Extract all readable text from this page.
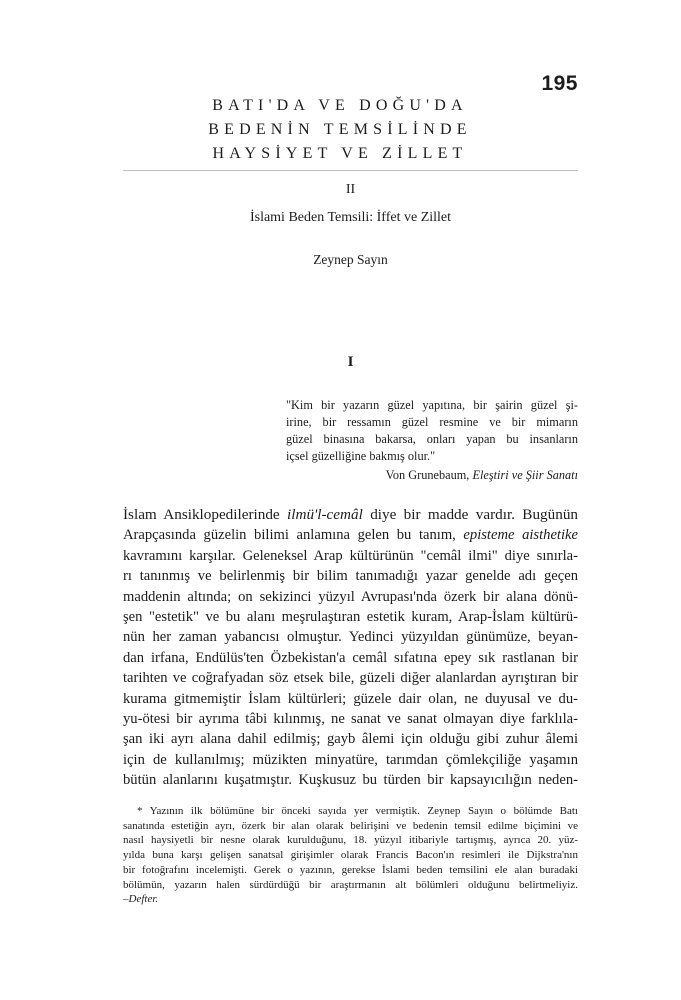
195
BATI'DA VE DOĞU'DA
BEDENİN TEMSİLİNDE
HAYSİYET VE ZİLLET
II
İslami Beden Temsili: İffet ve Zillet
Zeynep Sayın
I
"Kim bir yazarın güzel yapıtına, bir şairin güzel şi-
irine, bir ressamın güzel resmine ve bir mimarın
güzel binasına bakarsa, onları yapan bu insanların
içsel güzelliğine bakmış olur."
Von Grunebaum, Eleştiri ve Şiir Sanatı
İslam Ansiklopedilerinde ilmü'l-cemâl diye bir madde vardır. Bugünün
Arapçasında güzelin bilimi anlamına gelen bu tanım, episteme aisthetike
kavramını karşılar. Geleneksel Arap kültürünün "cemâl ilmi" diye sınırla-
rı tanınmış ve belirlenmiş bir bilim tanımadığı yazar genelde adı geçen
maddenin altında; on sekizinci yüzyıl Avrupası'nda özerk bir alana dönü-
şen "estetik" ve bu alanı meşrulaştıran estetik kuram, Arap-İslam kültürü-
nün her zaman yabancısı olmuştur. Yedinci yüzyıldan günümüze, beyan-
dan irfana, Endülüs'ten Özbekistan'a cemâl sıfatına epey sık rastlanan bir
tarihten ve coğrafyadan söz etsek bile, güzeli diğer alanlardan ayrıştıran bir
kurama gitmemiştir İslam kültürleri; güzele dair olan, ne duyusal ve du-
yu-ötesi bir ayrıma tâbi kılınmış, ne sanat ve sanat olmayan diye farklıla-
şan iki ayrı alana dahil edilmiş; gayb âlemi için olduğu gibi zuhur âlemi
için de kullanılmış; müzikten minyatüre, tarımdan çömlekçiliğe yaşamın
bütün alanlarını kuşatmıştır. Kuşkusuz bu türden bir kapsayıcılığın neden-
* Yazının ilk bölümüne bir önceki sayıda yer vermiştik. Zeynep Sayın o bölümde Batı
sanatında estetiğin ayrı, özerk bir alan olarak belirişini ve bedenin temsil edilme biçimini ve
nasıl haysiyetli bir nesne olarak kurulduğunu, 18. yüzyıl itibariyle tartışmış, ayrıca 20. yüz-
yılda buna karşı gelişen sanatsal girişimler olarak Francis Bacon'ın resimleri ile Dijkstra'nın
bir fotoğrafını incelemişti. Gerek o yazının, gerekse İslami beden temsilini ele alan buradaki
bölümün, yazarın halen sürdürdüğü bir araştırmanın alt bölümleri olduğunu belirtmeliyiz.
–Defter.
